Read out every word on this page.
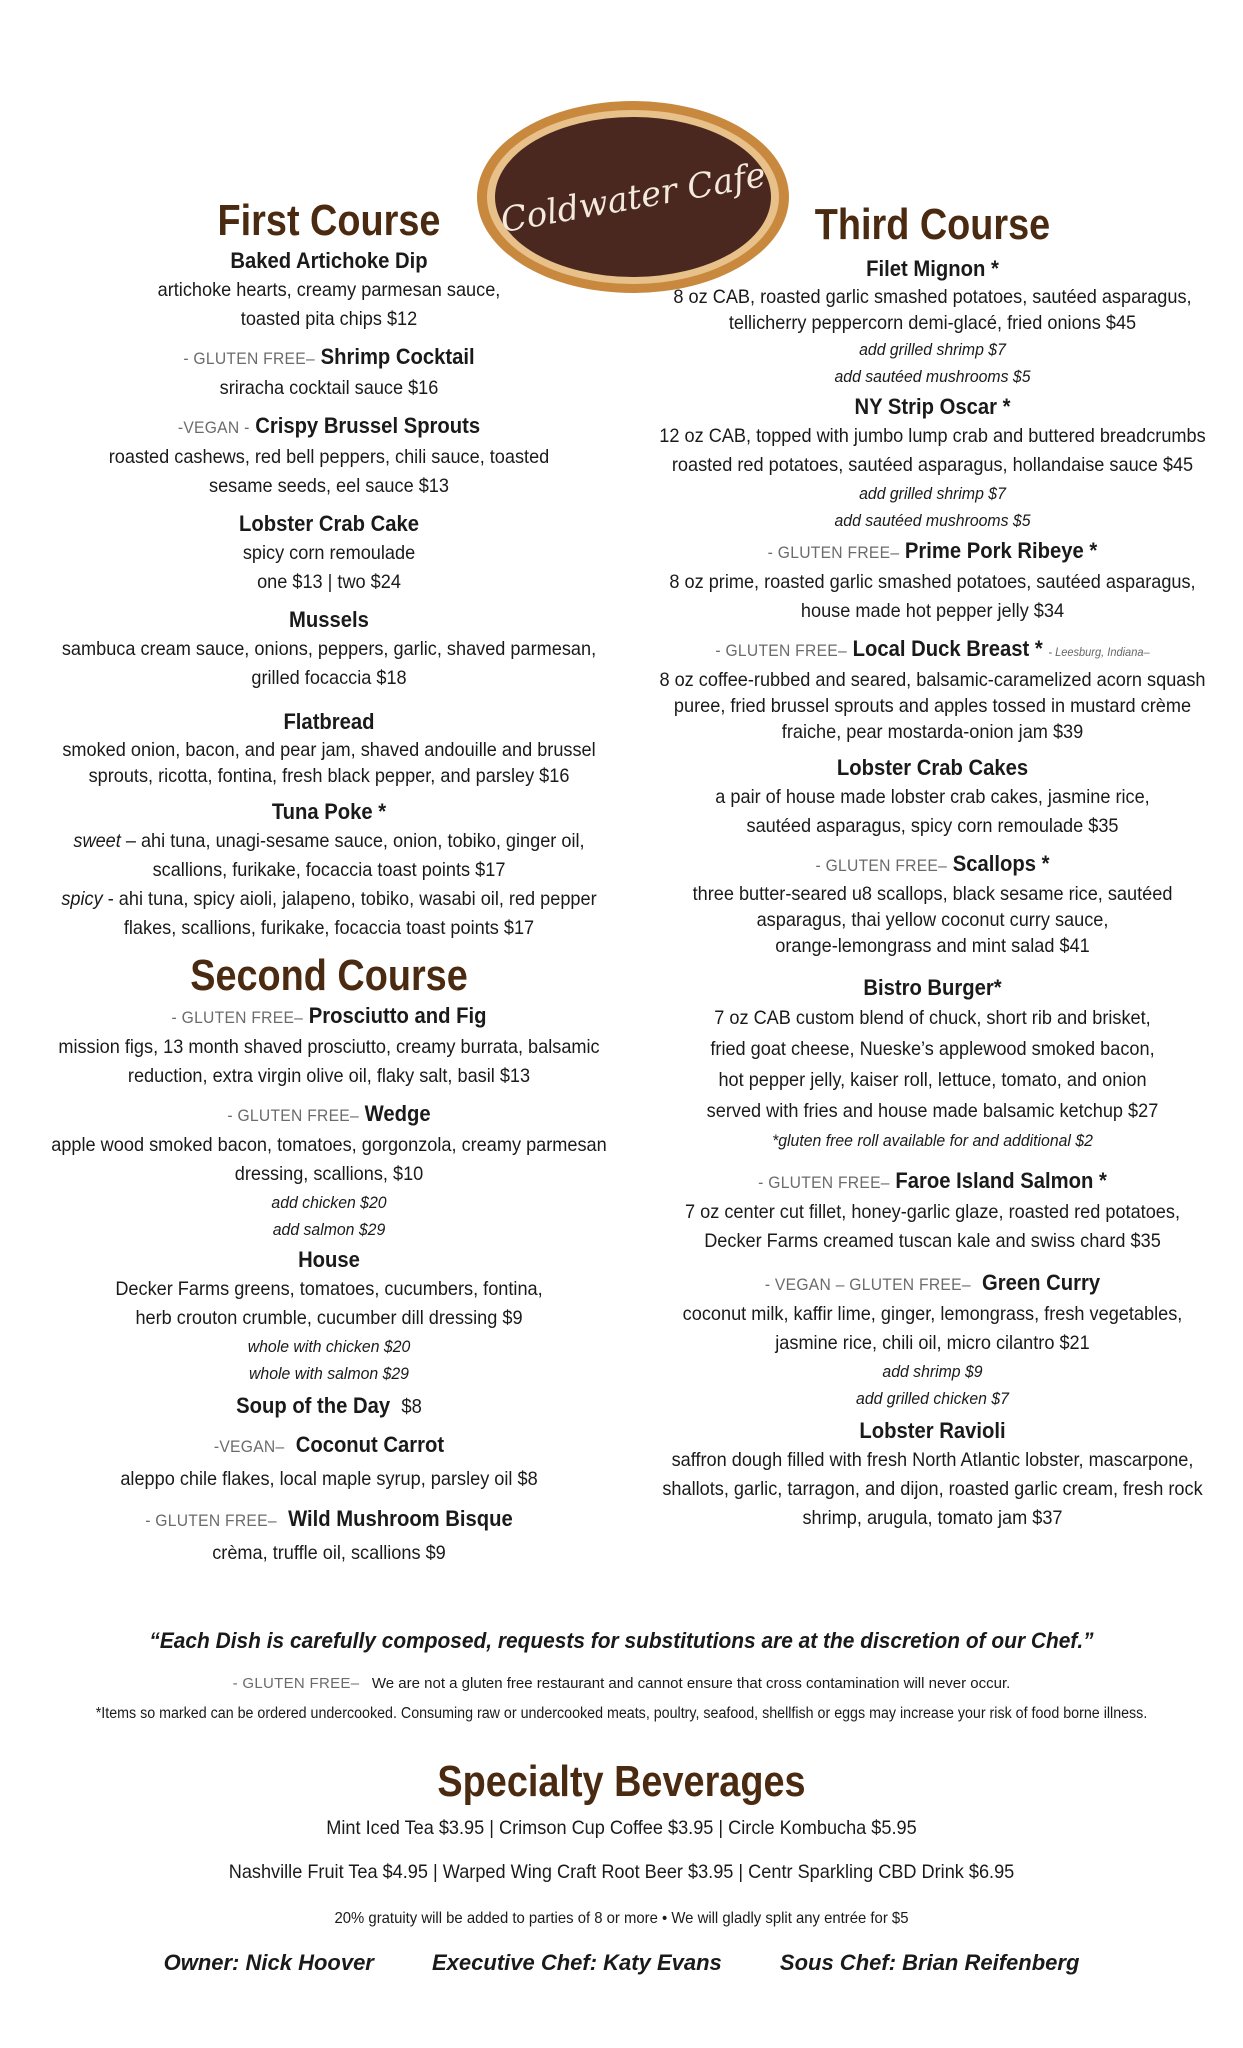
Coldwater Cafe
First Course
Baked Artichoke Dip
artichoke hearts, creamy parmesan sauce,
toasted pita chips $12
- GLUTEN FREE– Shrimp Cocktail
sriracha cocktail sauce $16
-VEGAN - Crispy Brussel Sprouts
roasted cashews, red bell peppers, chili sauce, toasted
sesame seeds, eel sauce $13
Lobster Crab Cake
spicy corn remoulade
one $13 | two $24
Mussels
sambuca cream sauce, onions, peppers, garlic, shaved parmesan,
grilled focaccia $18
Flatbread
smoked onion, bacon, and pear jam, shaved andouille and brussel
sprouts, ricotta, fontina, fresh black pepper, and parsley $16
Tuna Poke *
sweet – ahi tuna, unagi-sesame sauce, onion, tobiko, ginger oil,
scallions, furikake, focaccia toast points $17
spicy - ahi tuna, spicy aioli, jalapeno, tobiko, wasabi oil, red pepper
flakes, scallions, furikake, focaccia toast points $17
Second Course
- GLUTEN FREE– Prosciutto and Fig
mission figs, 13 month shaved prosciutto, creamy burrata, balsamic
reduction, extra virgin olive oil, flaky salt, basil $13
- GLUTEN FREE– Wedge
apple wood smoked bacon, tomatoes, gorgonzola, creamy parmesan
dressing, scallions, $10
add chicken $20
add salmon $29
House
Decker Farms greens, tomatoes, cucumbers, fontina,
herb crouton crumble, cucumber dill dressing $9
whole with chicken $20
whole with salmon $29
Soup of the Day $8
-VEGAN– Coconut Carrot
aleppo chile flakes, local maple syrup, parsley oil $8
- GLUTEN FREE– Wild Mushroom Bisque
crèma, truffle oil, scallions $9
Third Course
Filet Mignon *
8 oz CAB, roasted garlic smashed potatoes, sautéed asparagus,
tellicherry peppercorn demi-glacé, fried onions $45
add grilled shrimp $7
add sautéed mushrooms $5
NY Strip Oscar *
12 oz CAB, topped with jumbo lump crab and buttered breadcrumbs
roasted red potatoes, sautéed asparagus, hollandaise sauce $45
add grilled shrimp $7
add sautéed mushrooms $5
- GLUTEN FREE– Prime Pork Ribeye *
8 oz prime, roasted garlic smashed potatoes, sautéed asparagus,
house made hot pepper jelly $34
- GLUTEN FREE– Local Duck Breast * - Leesburg, Indiana–
8 oz coffee-rubbed and seared, balsamic-caramelized acorn squash
puree, fried brussel sprouts and apples tossed in mustard crème
fraiche, pear mostarda-onion jam $39
Lobster Crab Cakes
a pair of house made lobster crab cakes, jasmine rice,
sautéed asparagus, spicy corn remoulade $35
- GLUTEN FREE– Scallops *
three butter-seared u8 scallops, black sesame rice, sautéed
asparagus, thai yellow coconut curry sauce,
orange-lemongrass and mint salad $41
Bistro Burger*
7 oz CAB custom blend of chuck, short rib and brisket,
fried goat cheese, Nueske’s applewood smoked bacon,
hot pepper jelly, kaiser roll, lettuce, tomato, and onion
served with fries and house made balsamic ketchup $27
*gluten free roll available for and additional $2
- GLUTEN FREE– Faroe Island Salmon *
7 oz center cut fillet, honey-garlic glaze, roasted red potatoes,
Decker Farms creamed tuscan kale and swiss chard $35
- VEGAN – GLUTEN FREE– Green Curry
coconut milk, kaffir lime, ginger, lemongrass, fresh vegetables,
jasmine rice, chili oil, micro cilantro $21
add shrimp $9
add grilled chicken $7
Lobster Ravioli
saffron dough filled with fresh North Atlantic lobster, mascarpone,
shallots, garlic, tarragon, and dijon, roasted garlic cream, fresh rock
shrimp, arugula, tomato jam $37
“Each Dish is carefully composed, requests for substitutions are at the discretion of our Chef.”
- GLUTEN FREE– We are not a gluten free restaurant and cannot ensure that cross contamination will never occur.
*Items so marked can be ordered undercooked. Consuming raw or undercooked meats, poultry, seafood, shellfish or eggs may increase your risk of food borne illness.
Specialty Beverages
Mint Iced Tea $3.95 | Crimson Cup Coffee $3.95 | Circle Kombucha $5.95
Nashville Fruit Tea $4.95 | Warped Wing Craft Root Beer $3.95 | Centr Sparkling CBD Drink $6.95
20% gratuity will be added to parties of 8 or more • We will gladly split any entrée for $5
Owner: Nick Hoover	Executive Chef: Katy Evans	Sous Chef: Brian Reifenberg
